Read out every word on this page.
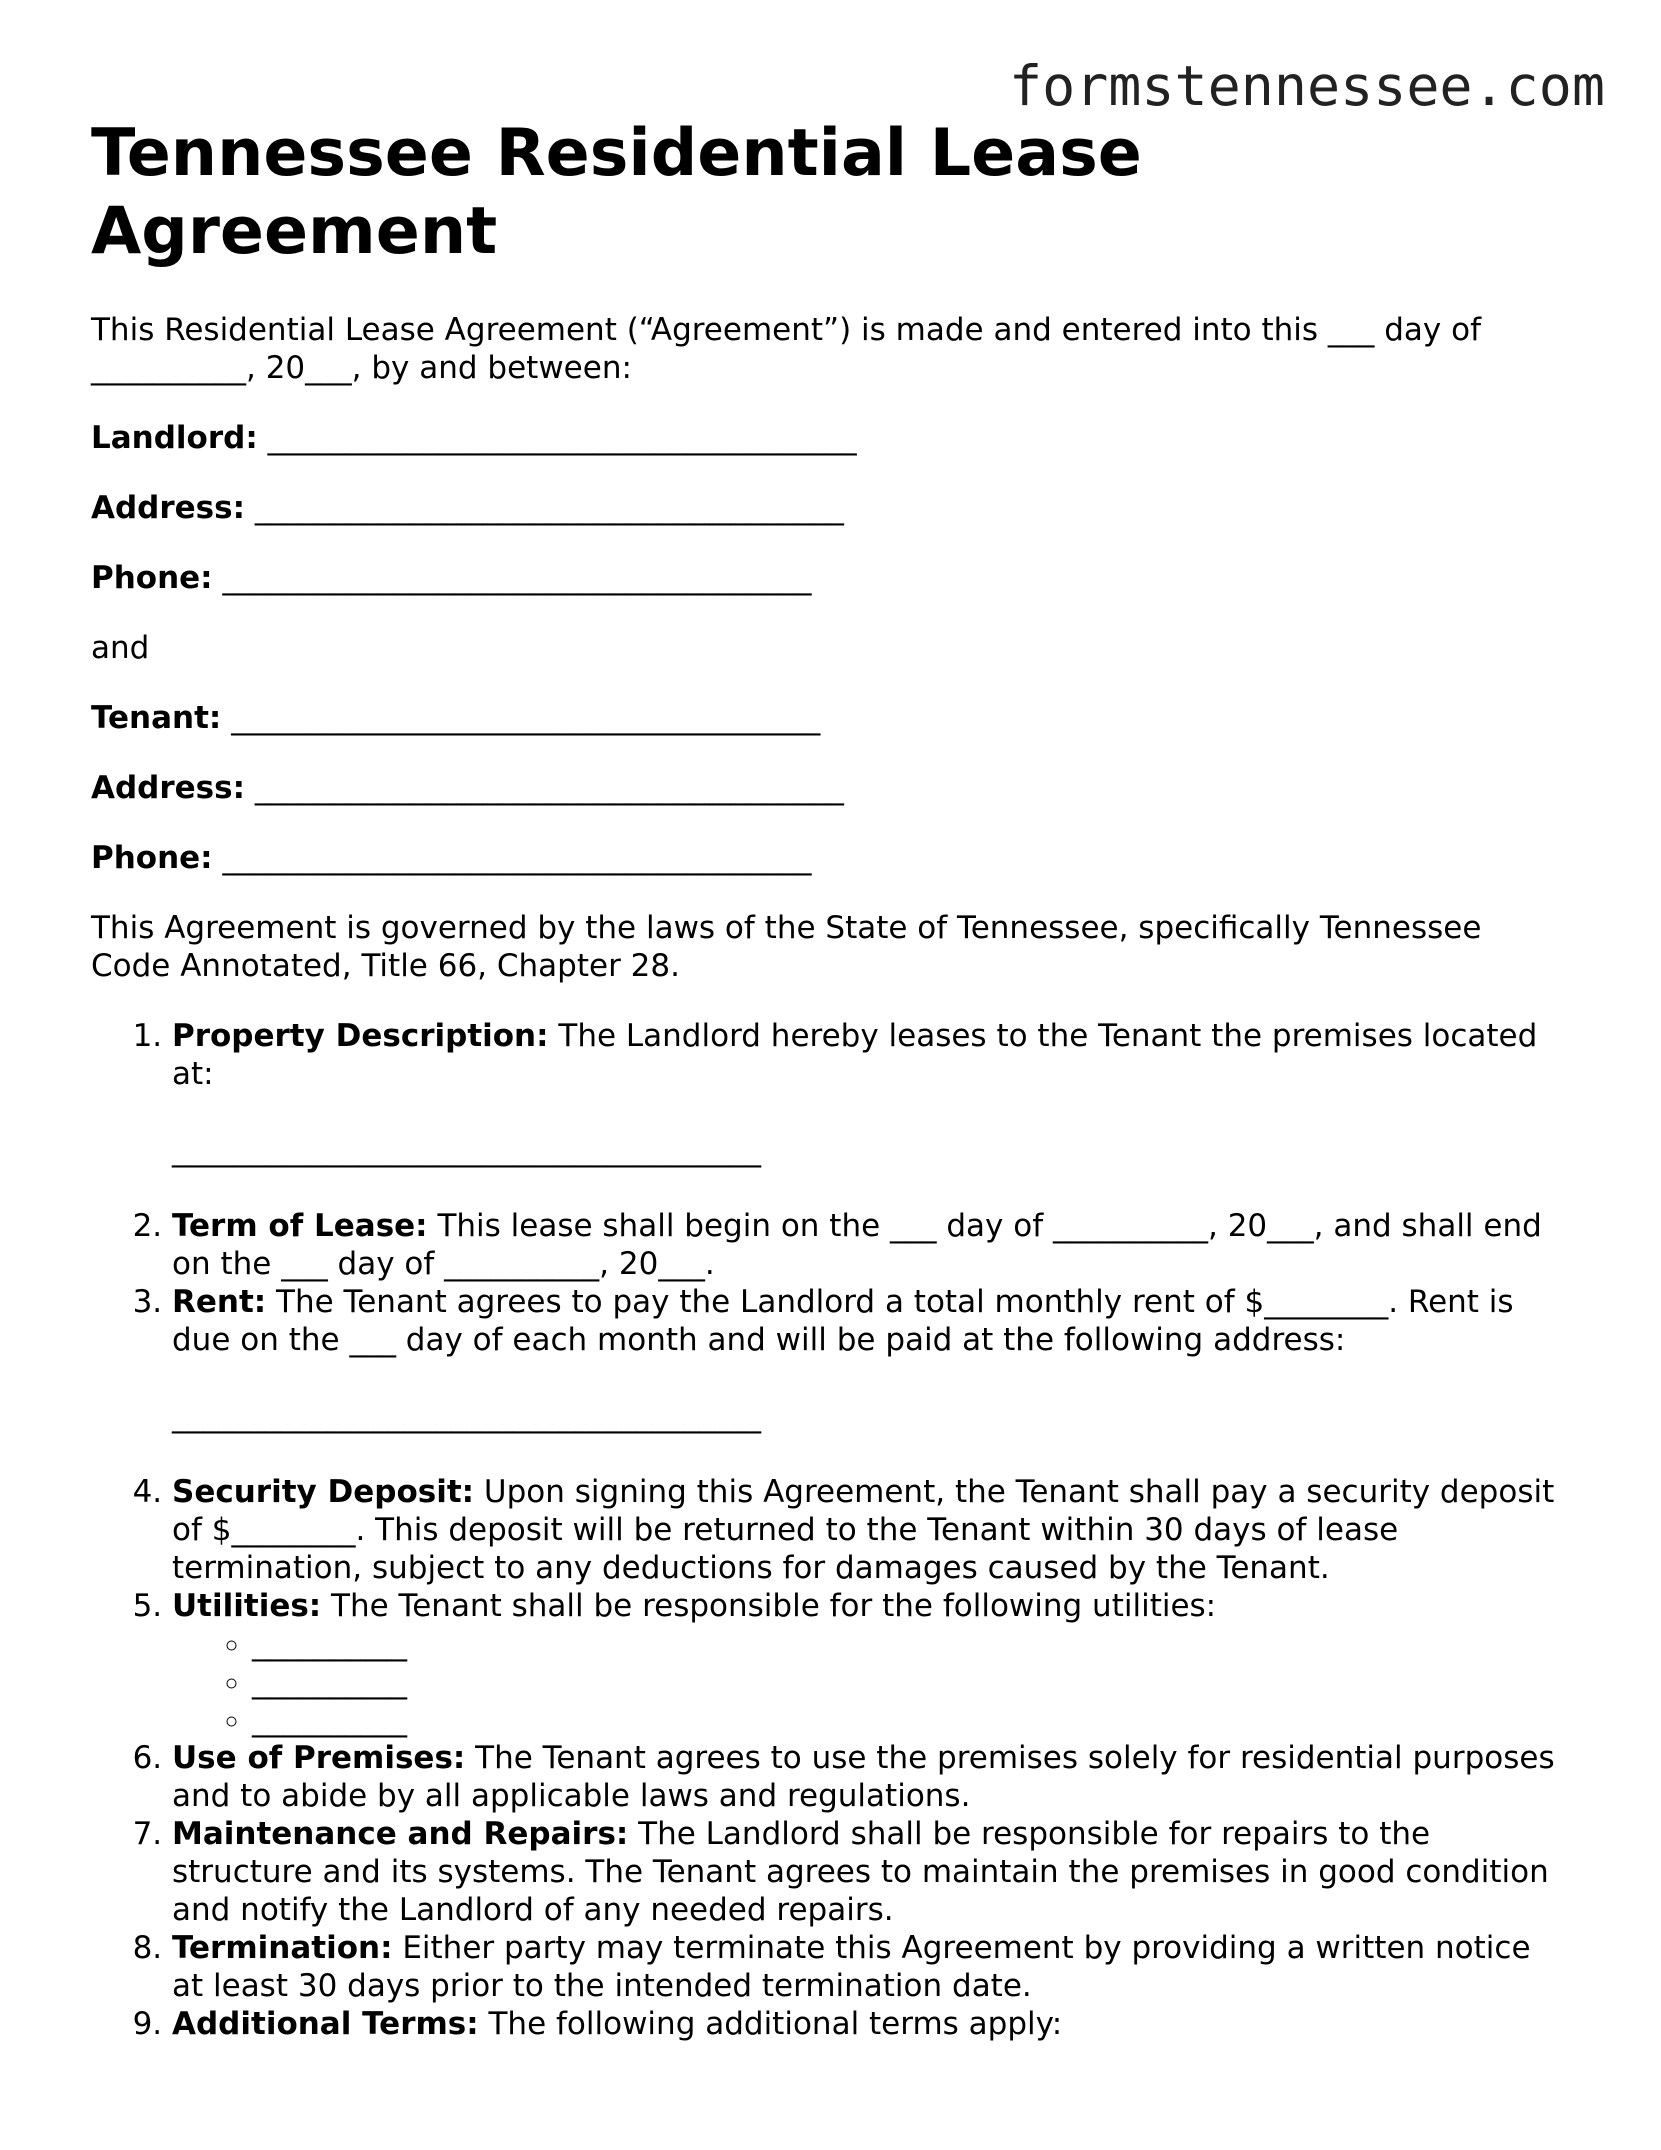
formstennessee.com
Tennessee Residential Lease Agreement

This Residential Lease Agreement (“Agreement”) is made and entered into this ___ day of __________, 20___, by and between:

Landlord: ______________________________________

Address: ______________________________________

Phone: ______________________________________

and

Tenant: ______________________________________

Address: ______________________________________

Phone: ______________________________________

This Agreement is governed by the laws of the State of Tennessee, specifically Tennessee Code Annotated, Title 66, Chapter 28.

1. Property Description: The Landlord hereby leases to the Tenant the premises located at:

______________________________________

2. Term of Lease: This lease shall begin on the ___ day of __________, 20___, and shall end on the ___ day of __________, 20___.
3. Rent: The Tenant agrees to pay the Landlord a total monthly rent of $________. Rent is due on the ___ day of each month and will be paid at the following address:

______________________________________

4. Security Deposit: Upon signing this Agreement, the Tenant shall pay a security deposit of $________. This deposit will be returned to the Tenant within 30 days of lease termination, subject to any deductions for damages caused by the Tenant.
5. Utilities: The Tenant shall be responsible for the following utilities:
◦ __________
◦ __________
◦ __________
6. Use of Premises: The Tenant agrees to use the premises solely for residential purposes and to abide by all applicable laws and regulations.
7. Maintenance and Repairs: The Landlord shall be responsible for repairs to the structure and its systems. The Tenant agrees to maintain the premises in good condition and notify the Landlord of any needed repairs.
8. Termination: Either party may terminate this Agreement by providing a written notice at least 30 days prior to the intended termination date.
9. Additional Terms: The following additional terms apply:
